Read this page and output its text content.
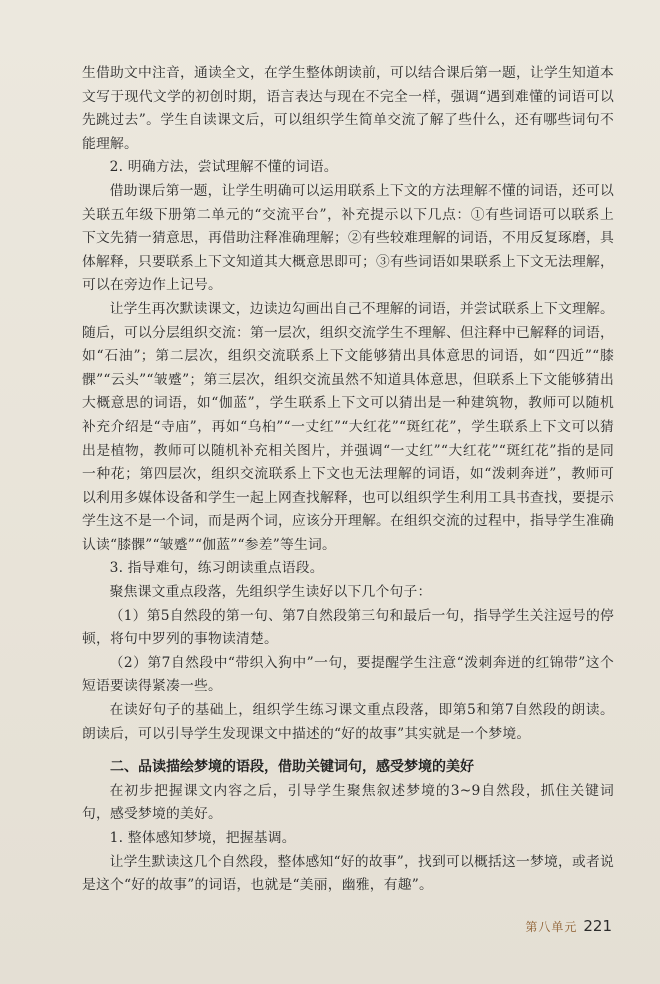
生借助文中注音，通读全文，在学生整体朗读前，可以结合课后第一题，让学生知道本文写于现代文学的初创时期，语言表达与现在不完全一样，强调“遇到难懂的词语可以先跳过去”。学生自读课文后，可以组织学生简单交流了解了些什么，还有哪些词句不能理解。

2. 明确方法，尝试理解不懂的词语。

借助课后第一题，让学生明确可以运用联系上下文的方法理解不懂的词语，还可以关联五年级下册第二单元的“交流平台”，补充提示以下几点：①有些词语可以联系上下文先猜一猜意思，再借助注释准确理解；②有些较难理解的词语，不用反复琢磨，具体解释，只要联系上下文知道其大概意思即可；③有些词语如果联系上下文无法理解，可以在旁边作上记号。

让学生再次默读课文，边读边勾画出自己不理解的词语，并尝试联系上下文理解。随后，可以分层组织交流：第一层次，组织交流学生不理解、但注释中已解释的词语，如“石油”；第二层次，组织交流联系上下文能够猜出具体意思的词语，如“四近”“膝髁”“云头”“皱蹙”；第三层次，组织交流虽然不知道具体意思，但联系上下文能够猜出大概意思的词语，如“伽蓝”，学生联系上下文可以猜出是一种建筑物，教师可以随机补充介绍是“寺庙”，再如“乌桕”“一丈红”“大红花”“斑红花”，学生联系上下文可以猜出是植物，教师可以随机补充相关图片，并强调“一丈红”“大红花”“斑红花”指的是同一种花；第四层次，组织交流联系上下文也无法理解的词语，如“泼刺奔迸”，教师可以利用多媒体设备和学生一起上网查找解释，也可以组织学生利用工具书查找，要提示学生这不是一个词，而是两个词，应该分开理解。在组织交流的过程中，指导学生准确认读“膝髁”“皱蹙”“伽蓝”“参差”等生词。

3. 指导难句，练习朗读重点语段。

聚焦课文重点段落，先组织学生读好以下几个句子：

（1）第5自然段的第一句、第7自然段第三句和最后一句，指导学生关注逗号的停顿，将句中罗列的事物读清楚。

（2）第7自然段中“带织入狗中”一句，要提醒学生注意“泼刺奔迸的红锦带”这个短语要读得紧凑一些。

在读好句子的基础上，组织学生练习课文重点段落，即第5和第7自然段的朗读。朗读后，可以引导学生发现课文中描述的“好的故事”其实就是一个梦境。

二、品读描绘梦境的语段，借助关键词句，感受梦境的美好

在初步把握课文内容之后，引导学生聚焦叙述梦境的3~9自然段，抓住关键词句，感受梦境的美好。

1. 整体感知梦境，把握基调。

让学生默读这几个自然段，整体感知“好的故事”，找到可以概括这一梦境，或者说是这个“好的故事”的词语，也就是“美丽，幽雅，有趣”。

第八单元 221
